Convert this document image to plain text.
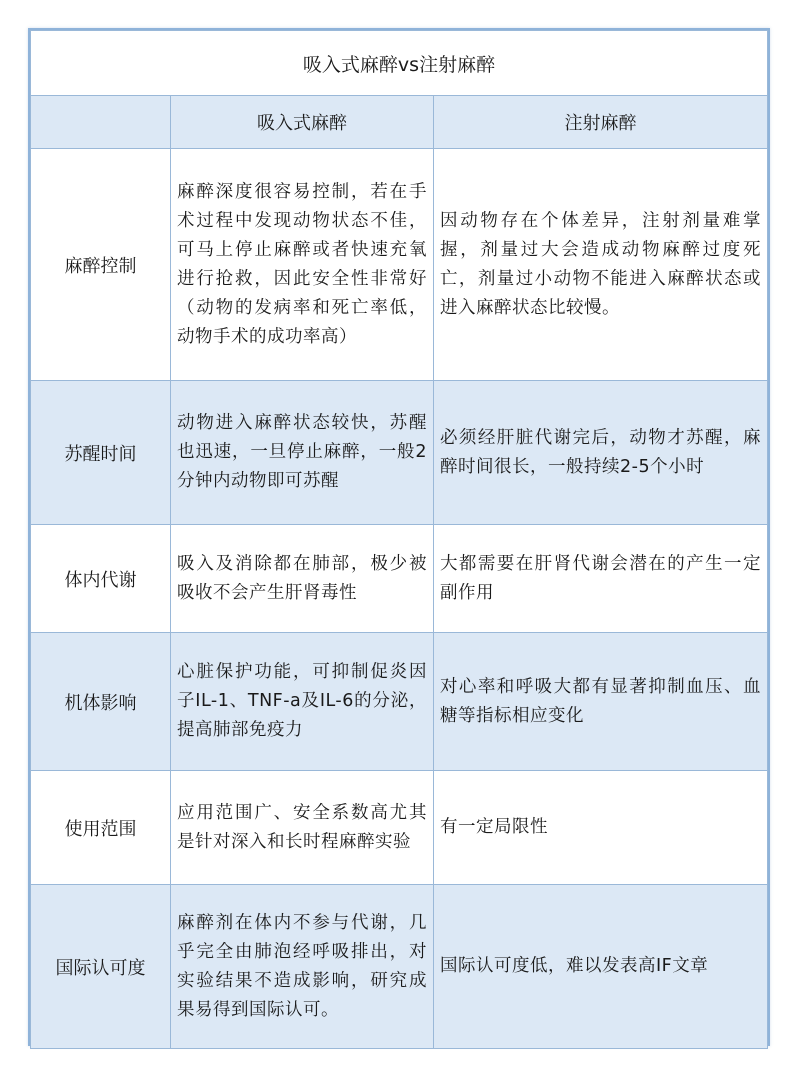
吸入式麻醉vs注射麻醉		
	吸入式麻醉	注射麻醉
麻醉控制	麻醉深度很容易控制，若在手术过程中发现动物状态不佳，可马上停止麻醉或者快速充氧进行抢救，因此安全性非常好（动物的发病率和死亡率低，动物手术的成功率高）	因动物存在个体差异，注射剂量难掌握，剂量过大会造成动物麻醉过度死亡，剂量过小动物不能进入麻醉状态或进入麻醉状态比较慢。
苏醒时间	动物进入麻醉状态较快，苏醒也迅速，一旦停止麻醉，一般2分钟内动物即可苏醒	必须经肝脏代谢完后，动物才苏醒，麻醉时间很长，一般持续2-5个小时
体内代谢	吸入及消除都在肺部，极少被吸收不会产生肝肾毒性	大都需要在肝肾代谢会潜在的产生一定副作用
机体影响	心脏保护功能，可抑制促炎因子IL-1、TNF-a及IL-6的分泌，提高肺部免疫力	对心率和呼吸大都有显著抑制血压、血糖等指标相应变化
使用范围	应用范围广、安全系数高尤其是针对深入和长时程麻醉实验	有一定局限性
国际认可度	麻醉剂在体内不参与代谢，几乎完全由肺泡经呼吸排出，对实验结果不造成影响，研究成果易得到国际认可。	国际认可度低，难以发表高IF文章
